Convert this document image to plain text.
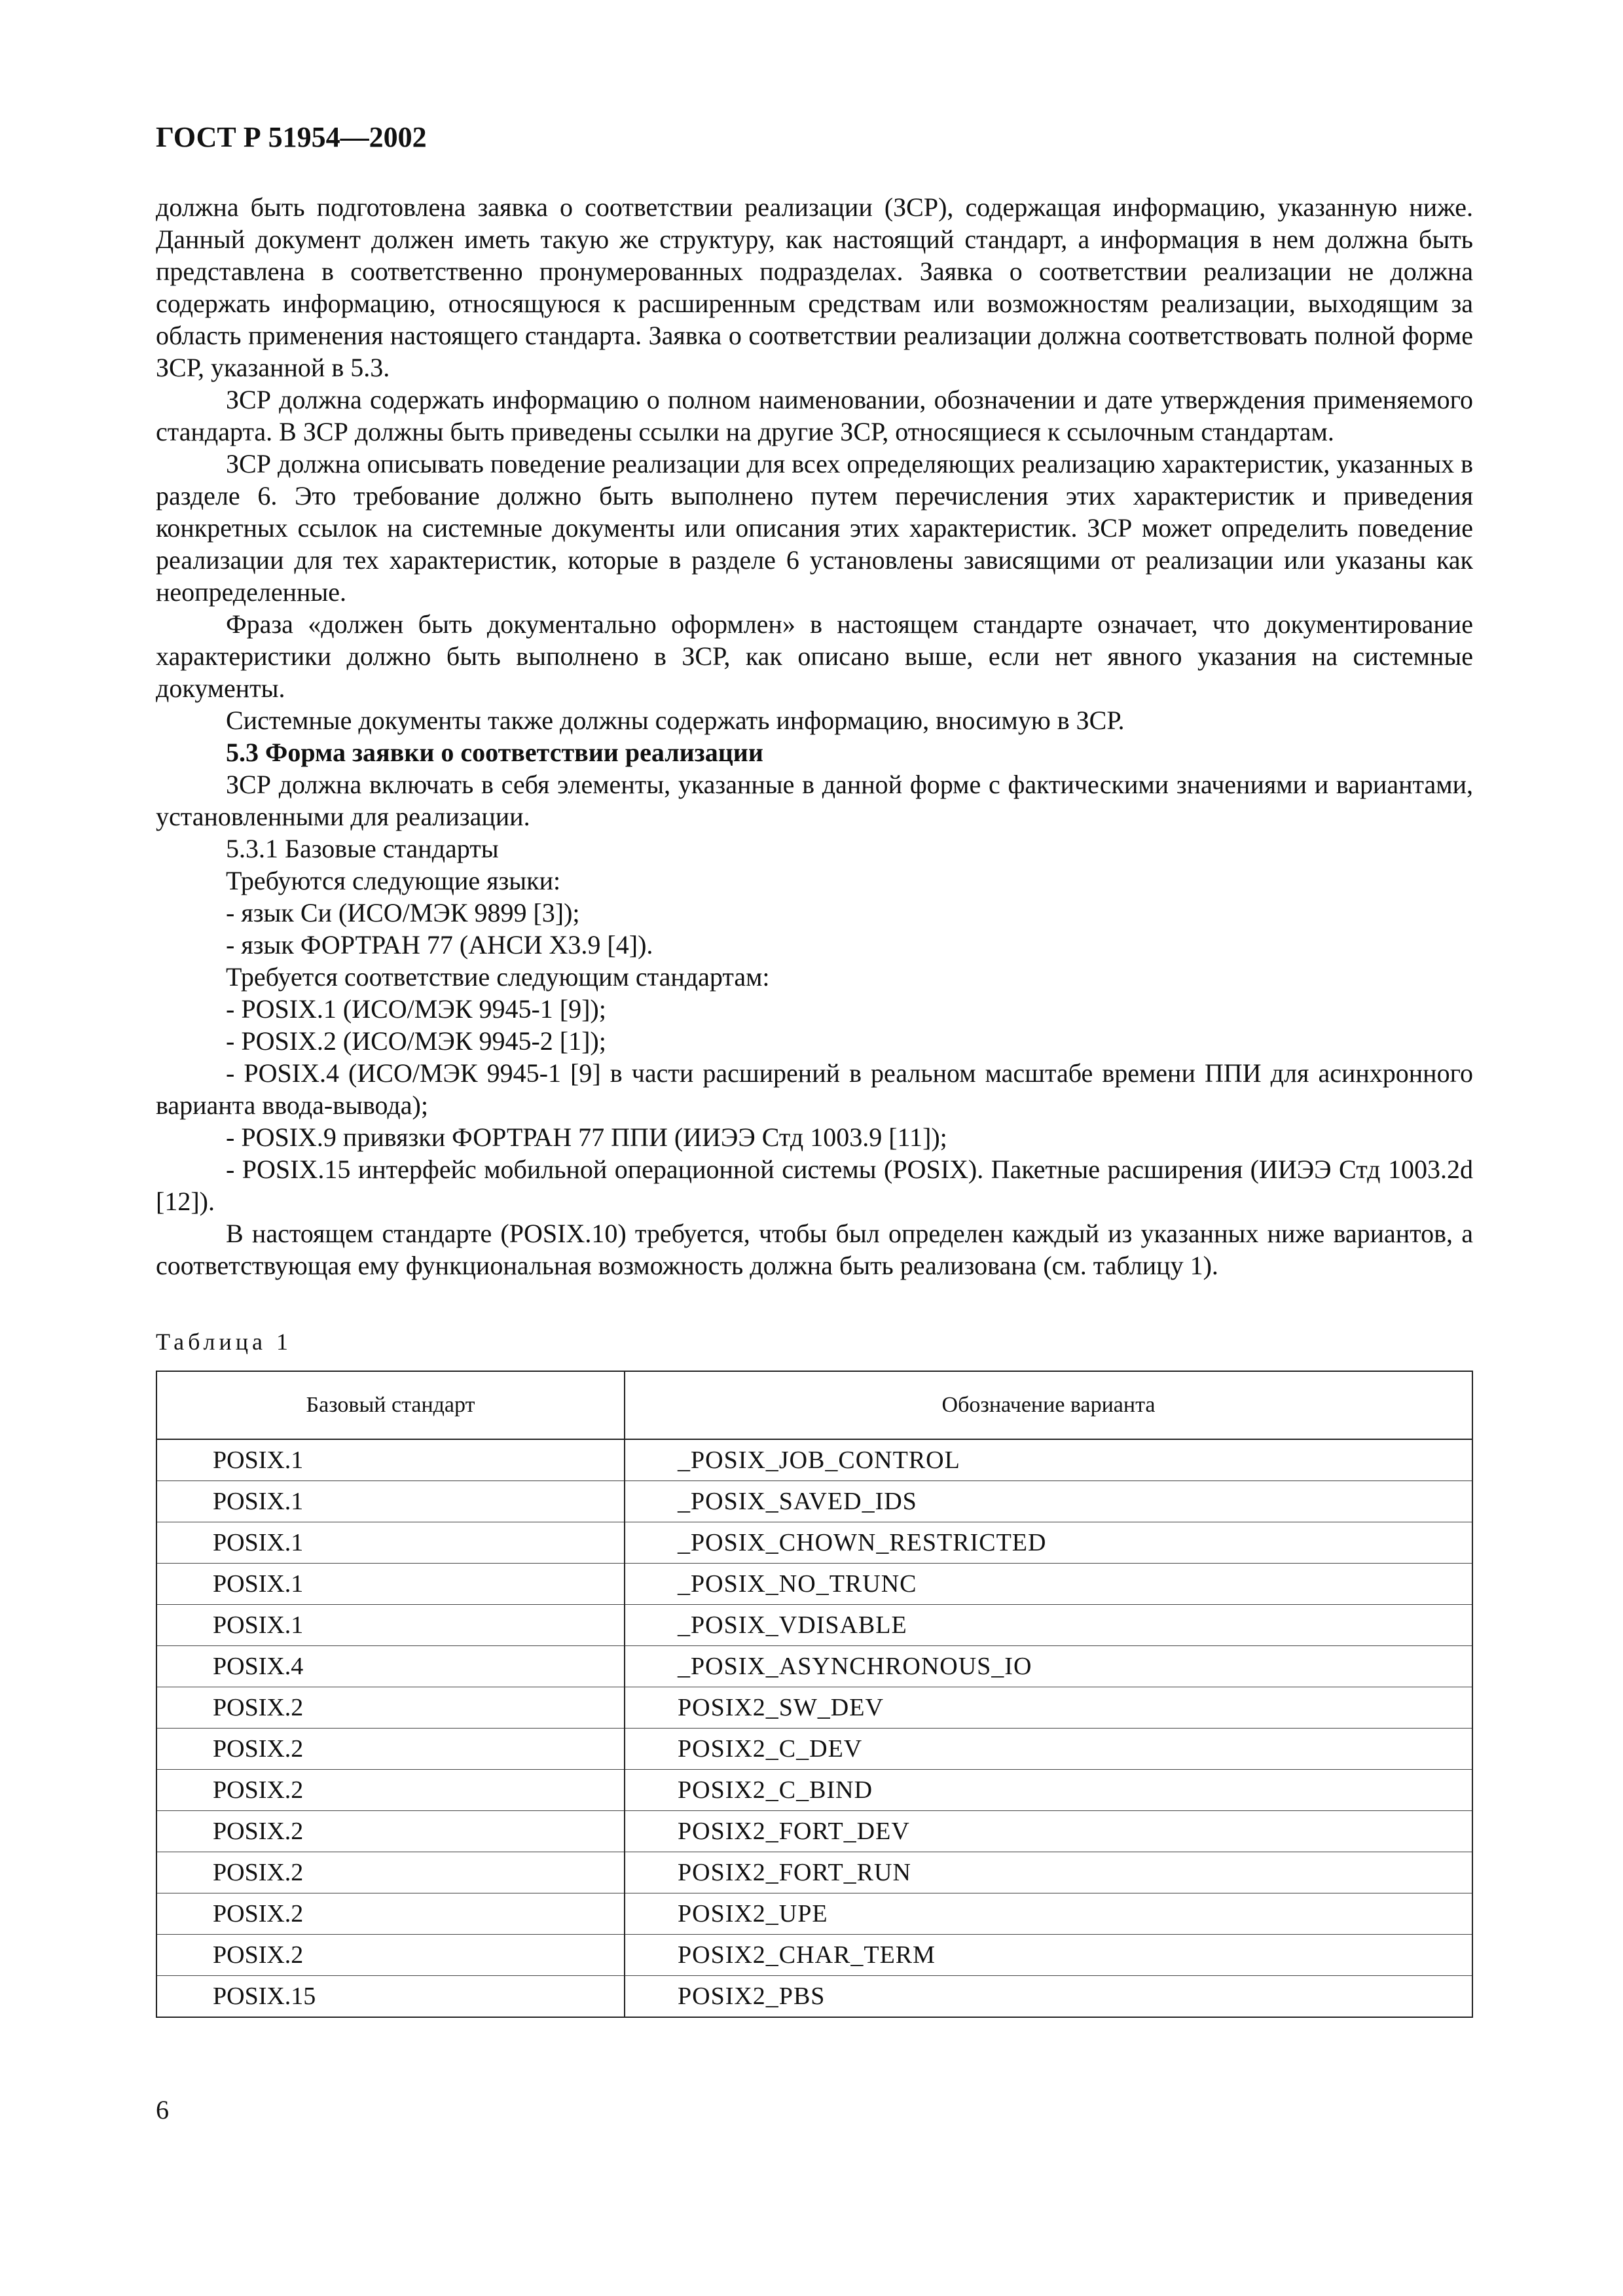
ГОСТ Р 51954—2002

должна быть подготовлена заявка о соответствии реализации (ЗСР), содержащая информацию, указанную ниже. Данный документ должен иметь такую же структуру, как настоящий стандарт, а информация в нем должна быть представлена в соответственно пронумерованных подразделах. Заявка о соответствии реализации не должна содержать информацию, относящуюся к расширенным средствам или возможностям реализации, выходящим за область применения настоящего стандарта. Заявка о соответствии реализации должна соответствовать полной форме ЗСР, указанной в 5.3.

ЗСР должна содержать информацию о полном наименовании, обозначении и дате утверждения применяемого стандарта. В ЗСР должны быть приведены ссылки на другие ЗСР, относящиеся к ссылочным стандартам.

ЗСР должна описывать поведение реализации для всех определяющих реализацию характеристик, указанных в разделе 6. Это требование должно быть выполнено путем перечисления этих характеристик и приведения конкретных ссылок на системные документы или описания этих характеристик. ЗСР может определить поведение реализации для тех характеристик, которые в разделе 6 установлены зависящими от реализации или указаны как неопределенные.

Фраза «должен быть документально оформлен» в настоящем стандарте означает, что документирование характеристики должно быть выполнено в ЗСР, как описано выше, если нет явного указания на системные документы.

Системные документы также должны содержать информацию, вносимую в ЗСР.

5.3 Форма заявки о соответствии реализации

ЗСР должна включать в себя элементы, указанные в данной форме с фактическими значениями и вариантами, установленными для реализации.

5.3.1 Базовые стандарты

Требуются следующие языки:

- язык Си (ИСО/МЭК 9899 [3]);

- язык ФОРТРАН 77 (АНСИ Х3.9 [4]).

Требуется соответствие следующим стандартам:

- POSIX.1 (ИСО/МЭК 9945-1 [9]);

- POSIX.2 (ИСО/МЭК 9945-2 [1]);

- POSIX.4 (ИСО/МЭК 9945-1 [9] в части расширений в реальном масштабе времени ППИ для асинхронного варианта ввода-вывода);

- POSIX.9 привязки ФОРТРАН 77 ППИ (ИИЭЭ Стд 1003.9 [11]);

- POSIX.15 интерфейс мобильной операционной системы (POSIX). Пакетные расширения (ИИЭЭ Стд 1003.2d [12]).

В настоящем стандарте (POSIX.10) требуется, чтобы был определен каждый из указанных ниже вариантов, а соответствующая ему функциональная возможность должна быть реализована (см. таблицу 1).

Таблица 1
Базовый стандарт	Обозначение варианта
POSIX.1	_POSIX_JOB_CONTROL
POSIX.1	_POSIX_SAVED_IDS
POSIX.1	_POSIX_CHOWN_RESTRICTED
POSIX.1	_POSIX_NO_TRUNC
POSIX.1	_POSIX_VDISABLE
POSIX.4	_POSIX_ASYNCHRONOUS_IO
POSIX.2	POSIX2_SW_DEV
POSIX.2	POSIX2_C_DEV
POSIX.2	POSIX2_C_BIND
POSIX.2	POSIX2_FORT_DEV
POSIX.2	POSIX2_FORT_RUN
POSIX.2	POSIX2_UPE
POSIX.2	POSIX2_CHAR_TERM
POSIX.15	POSIX2_PBS
6
